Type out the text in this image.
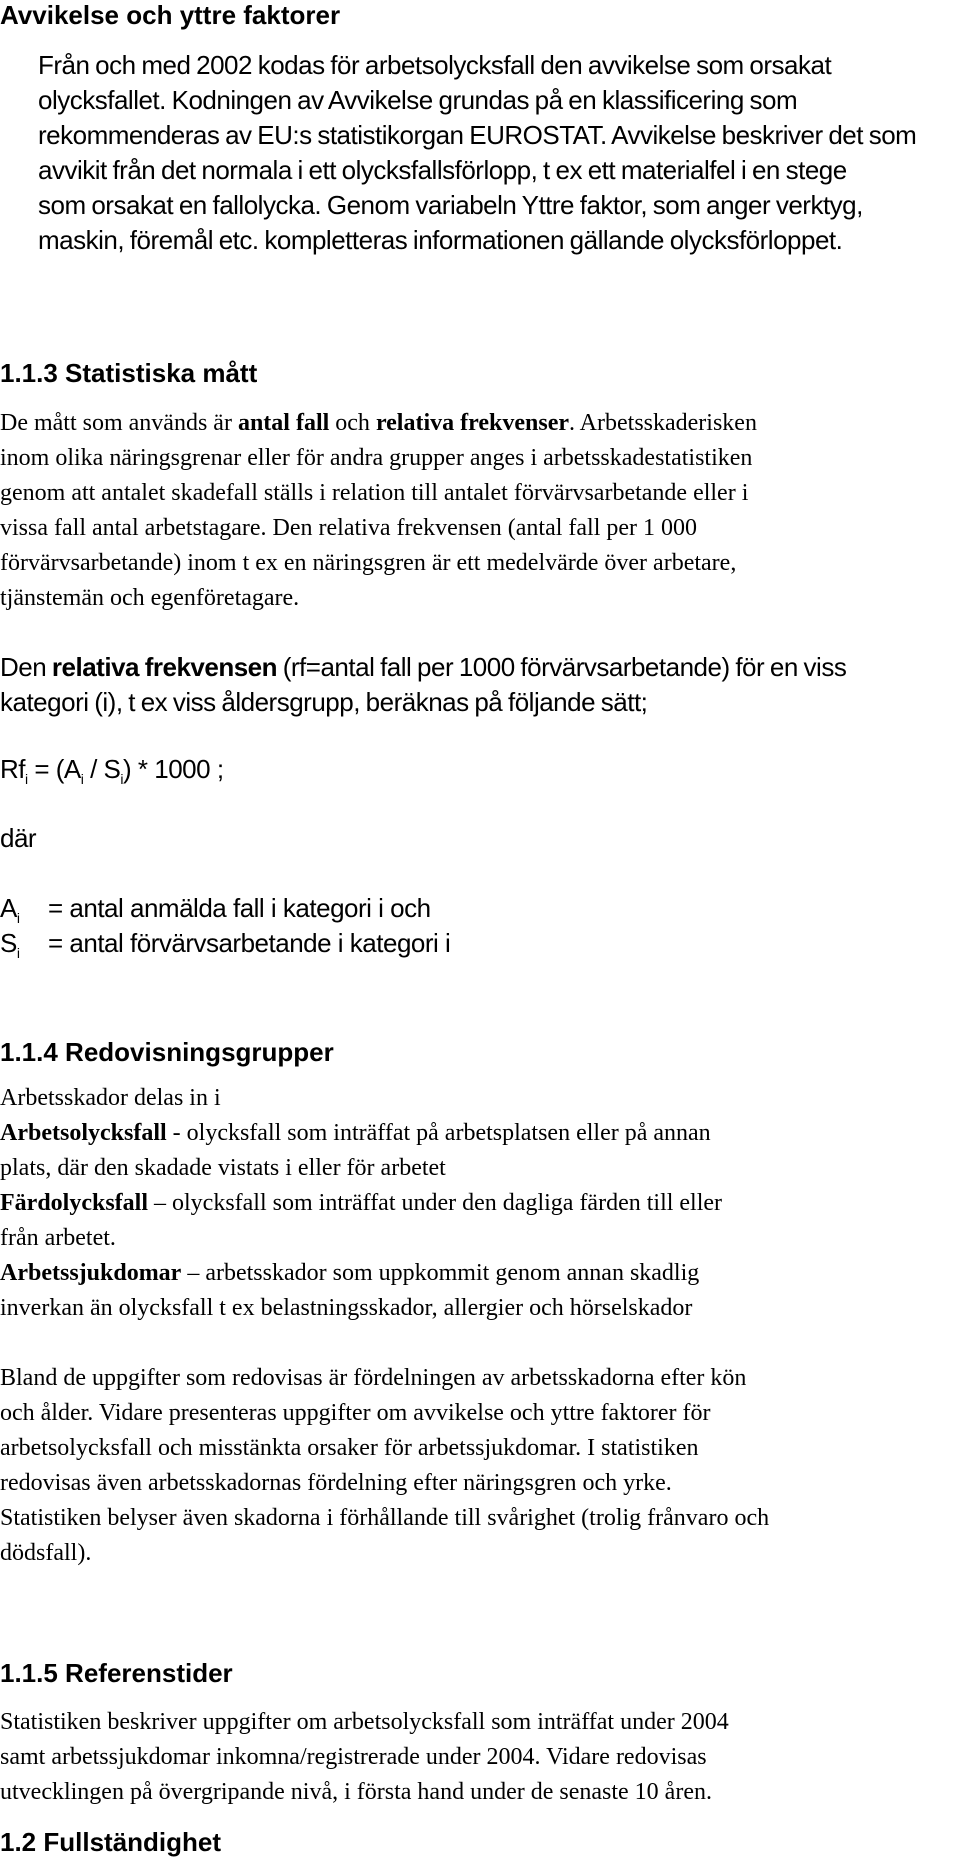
Avvikelse och yttre faktorer
Från och med 2002 kodas för arbetsolycksfall den avvikelse som orsakat
olycksfallet. Kodningen av Avvikelse grundas på en klassificering som
rekommenderas av EU:s statistikorgan EUROSTAT. Avvikelse beskriver det som
avvikit från det normala i ett olycksfallsförlopp, t ex ett materialfel i en stege
som orsakat en fallolycka. Genom variabeln Yttre faktor, som anger verktyg,
maskin, föremål etc. kompletteras informationen gällande olycksförloppet.
1.1.3 Statistiska mått
De mått som används är antal fall och relativa frekvenser. Arbetsskaderisken
inom olika näringsgrenar eller för andra grupper anges i arbetsskadestatistiken
genom att antalet skadefall ställs i relation till antalet förvärvsarbetande eller i
vissa fall antal arbetstagare. Den relativa frekvensen (antal fall per 1 000
förvärvsarbetande) inom t ex en näringsgren är ett medelvärde över arbetare,
tjänstemän och egenföretagare.
Den relativa frekvensen (rf=antal fall per 1000 förvärvsarbetande) för en viss
kategori (i), t ex viss åldersgrupp, beräknas på följande sätt;
$Rf_i = (A_i / S_i) * 1000$ ;
där
$A_i$ = antal anmälda fall i kategori i och
$S_i$ = antal förvärvsarbetande i kategori i
1.1.4 Redovisningsgrupper
Arbetsskador delas in i
Arbetsolycksfall - olycksfall som inträffat på arbetsplatsen eller på annan
plats, där den skadade vistats i eller för arbetet
Färdolycksfall – olycksfall som inträffat under den dagliga färden till eller
från arbetet.
Arbetssjukdomar – arbetsskador som uppkommit genom annan skadlig
inverkan än olycksfall t ex belastningsskador, allergier och hörselskador
Bland de uppgifter som redovisas är fördelningen av arbetsskadorna efter kön
och ålder. Vidare presenteras uppgifter om avvikelse och yttre faktorer för
arbetsolycksfall och misstänkta orsaker för arbetssjukdomar. I statistiken
redovisas även arbetsskadornas fördelning efter näringsgren och yrke.
Statistiken belyser även skadorna i förhållande till svårighet (trolig frånvaro och
dödsfall).
1.1.5 Referenstider
Statistiken beskriver uppgifter om arbetsolycksfall som inträffat under 2004
samt arbetssjukdomar inkomna/registrerade under 2004. Vidare redovisas
utvecklingen på övergripande nivå, i första hand under de senaste 10 åren.
1.2 Fullständighet
